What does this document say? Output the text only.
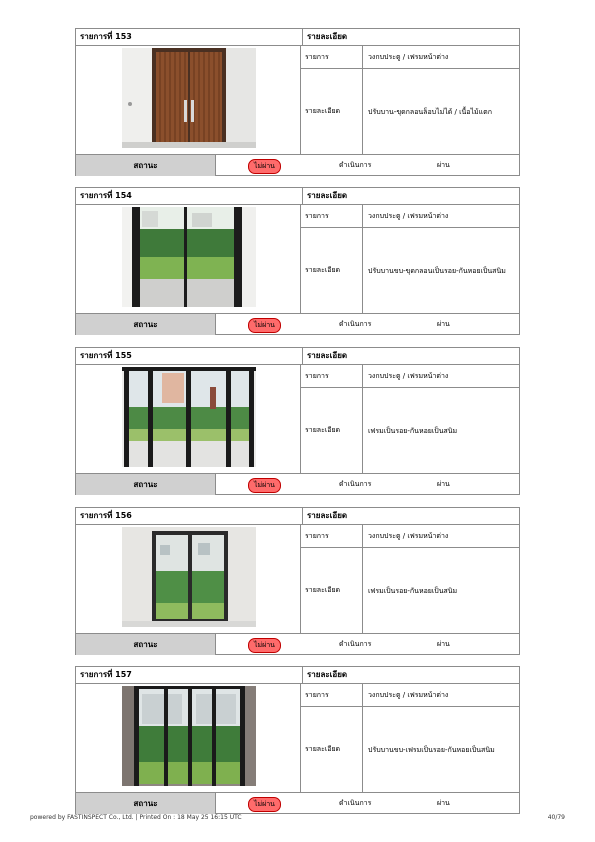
รายการที่ 153	รายละเอียด
รายการ	วงกบประตู / เฟรมหน้าต่าง
รายละเอียด	ปรับบาน-ขุดกลอนล็อบไม่ได้ / เนื้อไม้แตก
สถานะ	ไม่ผ่าน	ดำเนินการ	ผ่าน
รายการที่ 154	รายละเอียด
รายการ	วงกบประตู / เฟรมหน้าต่าง
รายละเอียด	ปรับบานขบ-ขุดกลอนเป็นรอย-กันหอยเป็นสนิม
สถานะ	ไม่ผ่าน	ดำเนินการ	ผ่าน
รายการที่ 155	รายละเอียด
รายการ	วงกบประตู / เฟรมหน้าต่าง
รายละเอียด	เฟรมเป็นรอย-กันหอยเป็นสนิม
สถานะ	ไม่ผ่าน	ดำเนินการ	ผ่าน
รายการที่ 156	รายละเอียด
รายการ	วงกบประตู / เฟรมหน้าต่าง
รายละเอียด	เฟรมเป็นรอย-กันหอยเป็นสนิม
สถานะ	ไม่ผ่าน	ดำเนินการ	ผ่าน
รายการที่ 157	รายละเอียด
รายการ	วงกบประตู / เฟรมหน้าต่าง
รายละเอียด	ปรับบานขบ-เฟรมเป็นรอย-กันหอยเป็นสนิม
สถานะ	ไม่ผ่าน	ดำเนินการ	ผ่าน
powered by FASTINSPECT Co., Ltd. | Printed On : 18 May 25 16:15 UTC	40/79
